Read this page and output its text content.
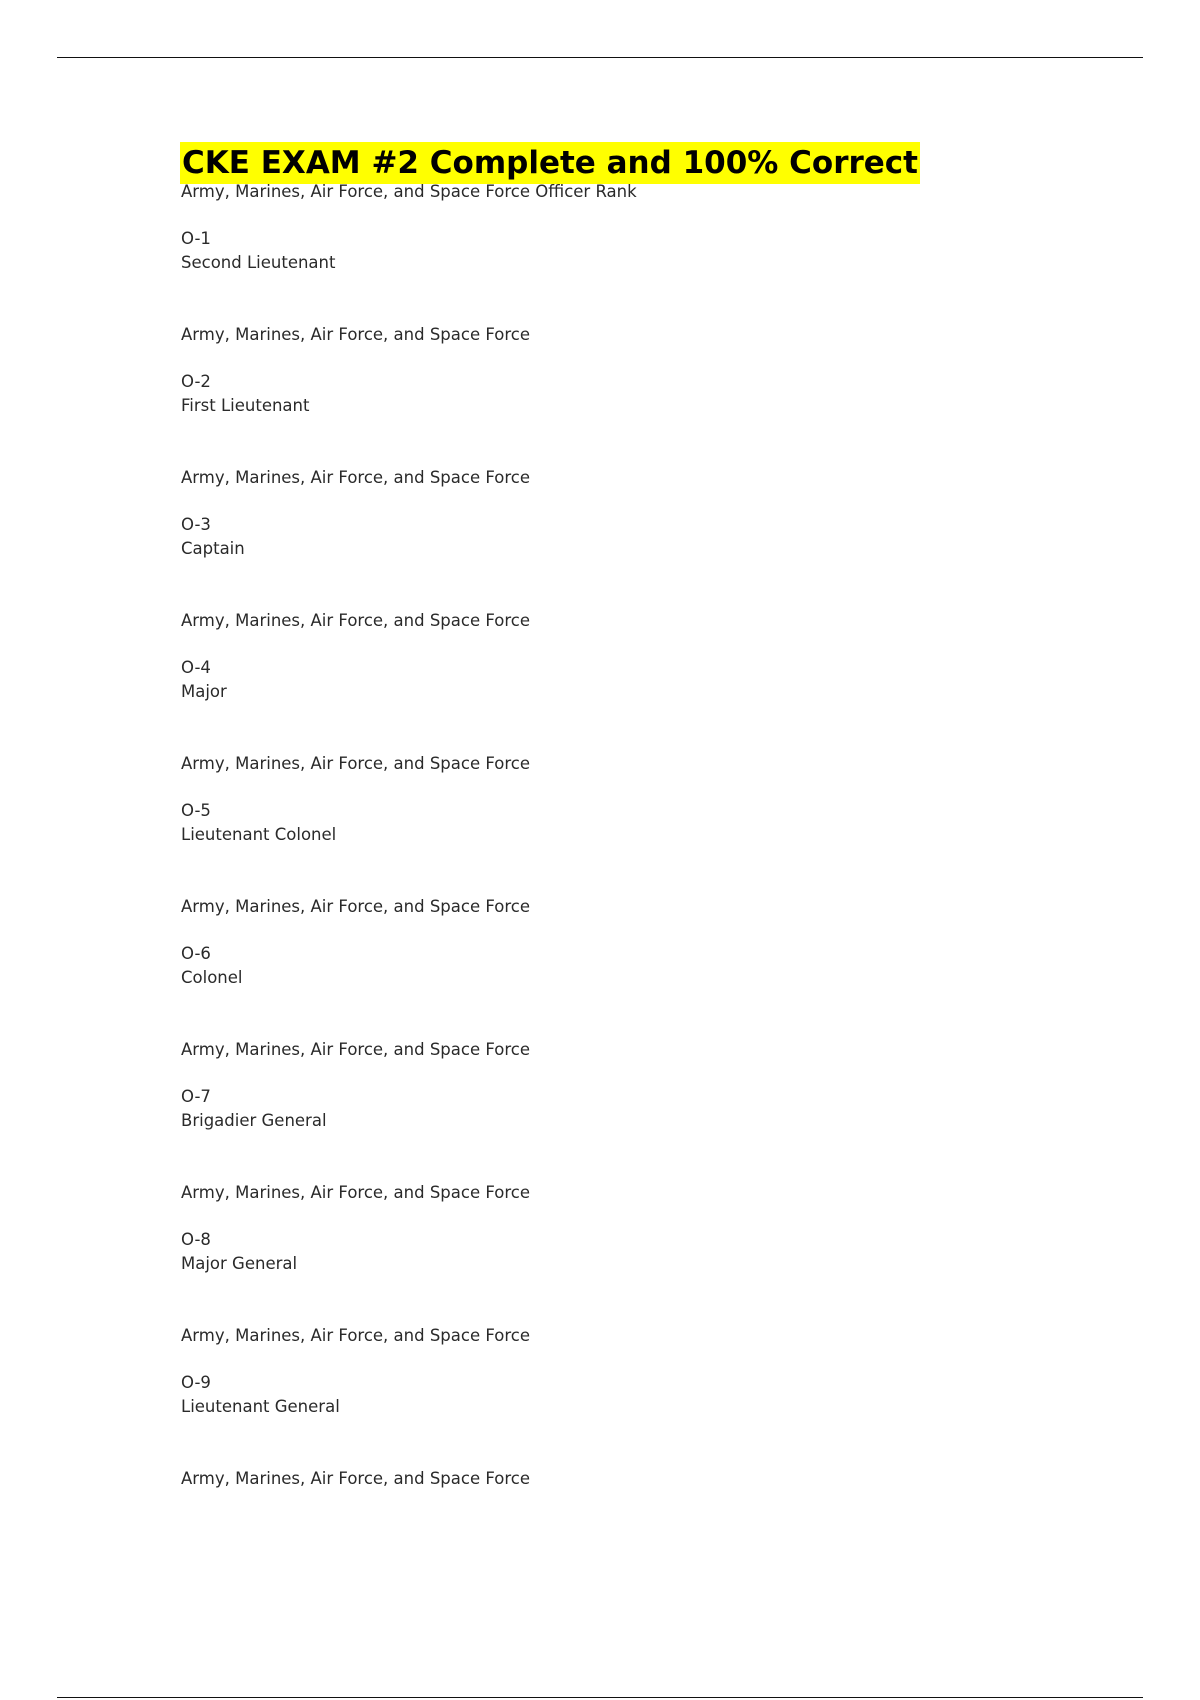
CKE EXAM #2 Complete and 100% Correct
Army, Marines, Air Force, and Space Force Officer Rank
O-1
Second Lieutenant
Army, Marines, Air Force, and Space Force
O-2
First Lieutenant
Army, Marines, Air Force, and Space Force
O-3
Captain
Army, Marines, Air Force, and Space Force
O-4
Major
Army, Marines, Air Force, and Space Force
O-5
Lieutenant Colonel
Army, Marines, Air Force, and Space Force
O-6
Colonel
Army, Marines, Air Force, and Space Force
O-7
Brigadier General
Army, Marines, Air Force, and Space Force
O-8
Major General
Army, Marines, Air Force, and Space Force
O-9
Lieutenant General
Army, Marines, Air Force, and Space Force
